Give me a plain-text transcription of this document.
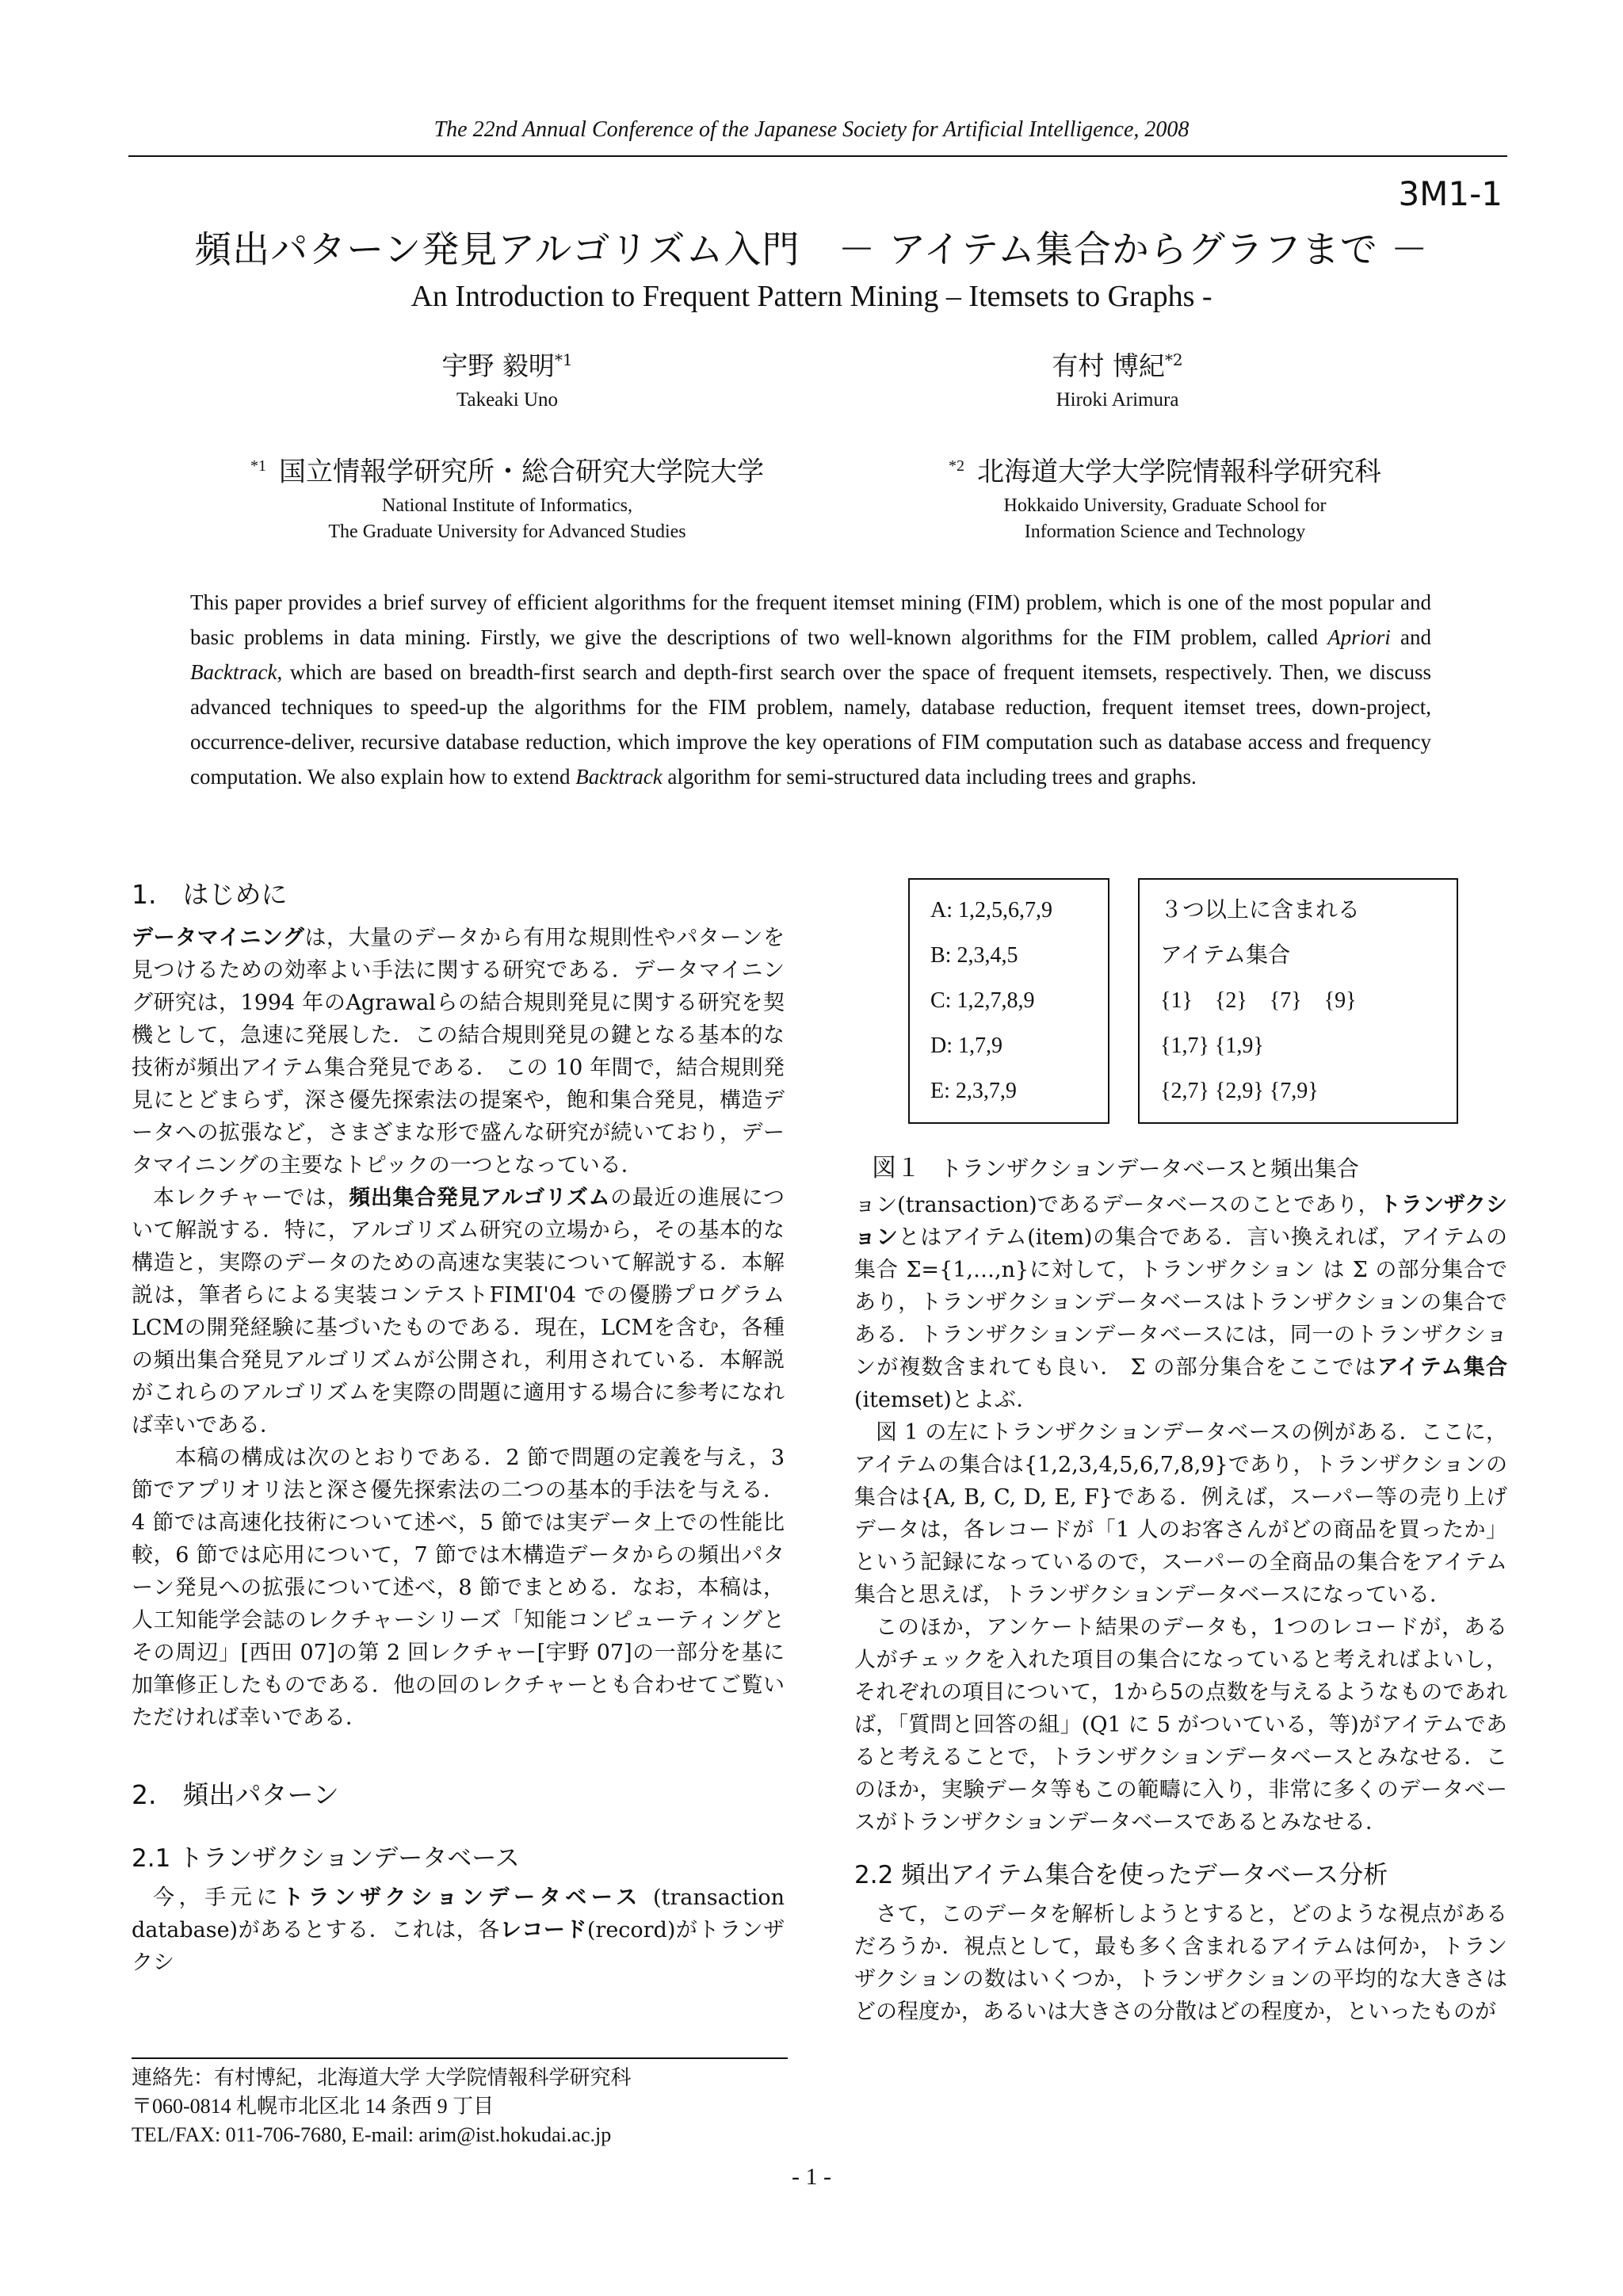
The 22nd Annual Conference of the Japanese Society for Artificial Intelligence, 2008
3M1-1
頻出パターン発見アルゴリズム入門　－ アイテム集合からグラフまで －
An Introduction to Frequent Pattern Mining – Itemsets to Graphs -
宇野 毅明$^{*1}$
Takeaki Uno
有村 博紀$^{*2}$
Hiroki Arimura
$^{*1}$ 国立情報学研究所・総合研究大学院大学
National Institute of Informatics,
The Graduate University for Advanced Studies
$^{*2}$ 北海道大学大学院情報科学研究科
Hokkaido University, Graduate School for
Information Science and Technology

This paper provides a brief survey of efficient algorithms for the frequent itemset mining (FIM) problem, which is one of the most popular and basic problems in data mining. Firstly, we give the descriptions of two well-known algorithms for the FIM problem, called Apriori and Backtrack, which are based on breadth-first search and depth-first search over the space of frequent itemsets, respectively. Then, we discuss advanced techniques to speed-up the algorithms for the FIM problem, namely, database reduction, frequent itemset trees, down-project, occurrence-deliver, recursive database reduction, which improve the key operations of FIM computation such as database access and frequency computation. We also explain how to extend Backtrack algorithm for semi-structured data including trees and graphs.

1.　はじめに

データマイニングは，大量のデータから有用な規則性やパターンを見つけるための効率よい手法に関する研究である．データマイニング研究は，1994 年のAgrawalらの結合規則発見に関する研究を契機として，急速に発展した．この結合規則発見の鍵となる基本的な技術が頻出アイテム集合発見である． この 10 年間で，結合規則発見にとどまらず，深さ優先探索法の提案や，飽和集合発見，構造データへの拡張など，さまざまな形で盛んな研究が続いており，データマイニングの主要なトピックの一つとなっている．

本レクチャーでは，頻出集合発見アルゴリズムの最近の進展について解説する．特に，アルゴリズム研究の立場から，その基本的な構造と，実際のデータのための高速な実装について解説する．本解説は，筆者らによる実装コンテストFIMI'04 での優勝プログラムLCMの開発経験に基づいたものである．現在，LCMを含む，各種の頻出集合発見アルゴリズムが公開され，利用されている．本解説がこれらのアルゴリズムを実際の問題に適用する場合に参考になれば幸いである．

　本稿の構成は次のとおりである．2 節で問題の定義を与え，3 節でアプリオリ法と深さ優先探索法の二つの基本的手法を与える．4 節では高速化技術について述べ，5 節では実データ上での性能比較，6 節では応用について，7 節では木構造データからの頻出パターン発見への拡張について述べ，8 節でまとめる．なお，本稿は，人工知能学会誌のレクチャーシリーズ「知能コンピューティングとその周辺」[西田 07]の第 2 回レクチャー[宇野 07]の一部分を基に加筆修正したものである．他の回のレクチャーとも合わせてご覧いただければ幸いである．

2.　頻出パターン
2.1 トランザクションデータベース

今，手元にトランザクションデータベース (transaction database)があるとする．これは，各レコード(record)がトランザクシ

A: 1,2,5,6,7,9
B: 2,3,4,5
C: 1,2,7,8,9
D: 1,7,9
E: 2,3,7,9
３つ以上に含まれる
アイテム集合
{1}　{2}　{7}　{9}
{1,7} {1,9}
{2,7} {2,9} {7,9}
図１ トランザクションデータベースと頻出集合

ョン(transaction)であるデータベースのことであり，トランザクションとはアイテム(item)の集合である．言い換えれば，アイテムの集合 Σ={1,…,n}に対して，トランザクション は Σ の部分集合であり，トランザクションデータベースはトランザクションの集合である．トランザクションデータベースには，同一のトランザクションが複数含まれても良い． Σ の部分集合をここではアイテム集合(itemset)とよぶ．

図 1 の左にトランザクションデータベースの例がある．ここに，アイテムの集合は{1,2,3,4,5,6,7,8,9}であり，トランザクションの集合は{A, B, C, D, E, F}である．例えば，スーパー等の売り上げデータは，各レコードが「1 人のお客さんがどの商品を買ったか」という記録になっているので，スーパーの全商品の集合をアイテム集合と思えば，トランザクションデータベースになっている．

このほか，アンケート結果のデータも，1つのレコードが，ある人がチェックを入れた項目の集合になっていると考えればよいし，それぞれの項目について，1から5の点数を与えるようなものであれば，「質問と回答の組」(Q1 に 5 がついている，等)がアイテムであると考えることで，トランザクションデータベースとみなせる．このほか，実験データ等もこの範疇に入り，非常に多くのデータベースがトランザクションデータベースであるとみなせる．

2.2 頻出アイテム集合を使ったデータベース分析

さて，このデータを解析しようとすると，どのような視点があるだろうか．視点として，最も多く含まれるアイテムは何か，トランザクションの数はいくつか，トランザクションの平均的な大きさはどの程度か，あるいは大きさの分散はどの程度か，といったものが

連絡先：有村博紀，北海道大学 大学院情報科学研究科
〒060-0814 札幌市北区北 14 条西 9 丁目
TEL/FAX: 011-706-7680, E-mail: arim@ist.hokudai.ac.jp
- 1 -
